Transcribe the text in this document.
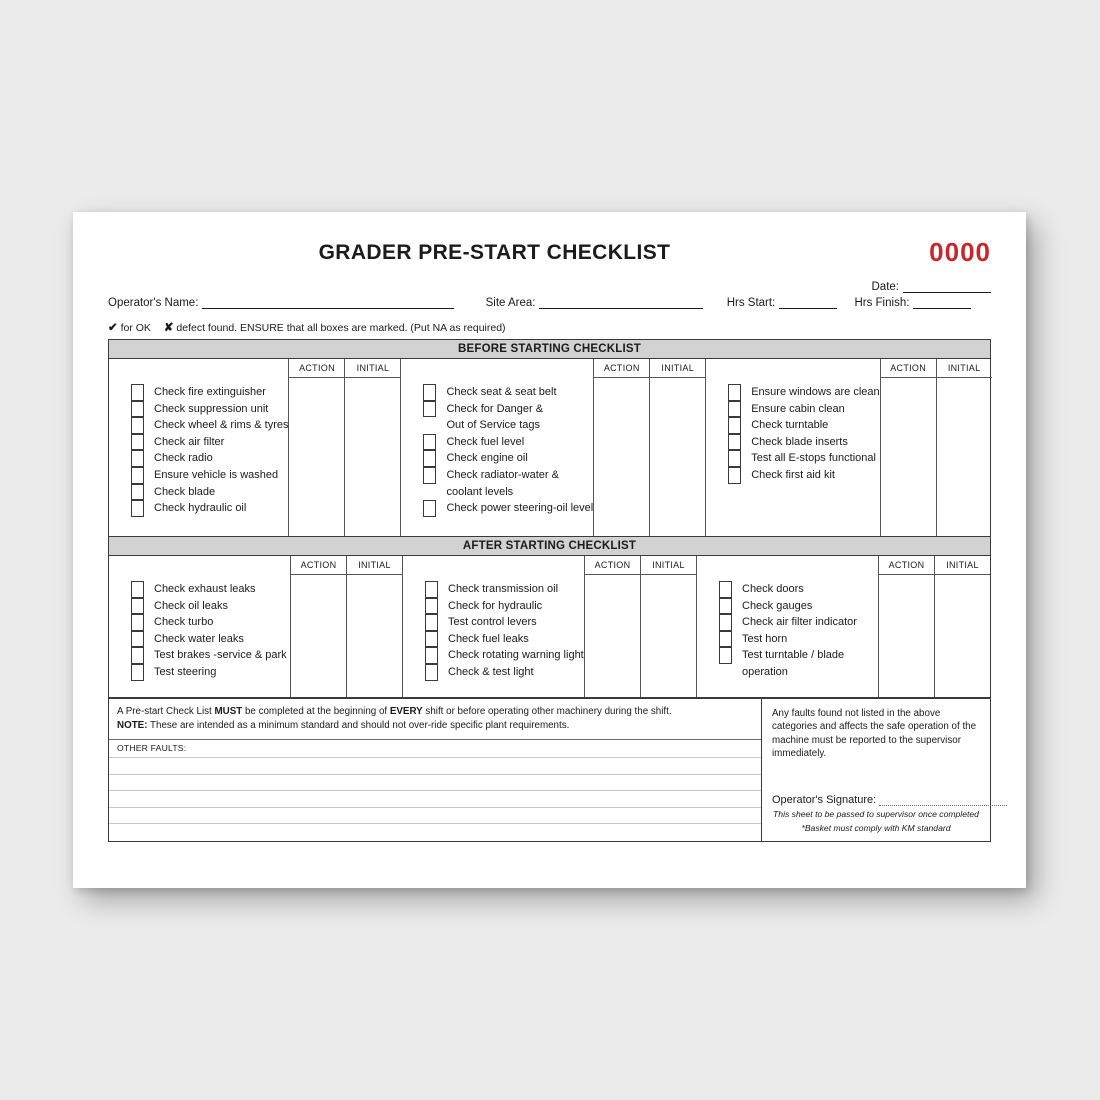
GRADER PRE-START CHECKLIST	0000
Date:
Operator's Name:	Site Area:	Hrs Start:	Hrs Finish:
✔ for OK ✘ defect found. ENSURE that all boxes are marked. (Put NA as required)
BEFORE STARTING CHECKLIST
Check fire extinguisher
Check suppression unit
Check wheel & rims & tyres
Check air filter
Check radio
Ensure vehicle is washed
Check blade
Check hydraulic oil
ACTION	INITIAL
Check seat & seat belt
Check for Danger &
Out of Service tags
Check fuel level
Check engine oil
Check radiator-water &
coolant levels
Check power steering-oil level
ACTION	INITIAL
Ensure windows are clean
Ensure cabin clean
Check turntable
Check blade inserts
Test all E-stops functional
Check first aid kit
ACTION	INITIAL
AFTER STARTING CHECKLIST
Check exhaust leaks
Check oil leaks
Check turbo
Check water leaks
Test brakes -service & park
Test steering
ACTION	INITIAL
Check transmission oil
Check for hydraulic
Test control levers
Check fuel leaks
Check rotating warning light
Check & test light
ACTION	INITIAL
Check doors
Check gauges
Check air filter indicator
Test horn
Test turntable / blade
operation
ACTION	INITIAL
A Pre-start Check List MUST be completed at the beginning of EVERY shift or before operating other machinery during the shift.
NOTE: These are intended as a minimum standard and should not over-ride specific plant requirements.
OTHER FAULTS:
Any faults found not listed in the above categories and affects the safe operation of the machine must be reported to the supervisor immediately.
Operator's Signature:
This sheet to be passed to supervisor once completed
*Basket must comply with KM standard
